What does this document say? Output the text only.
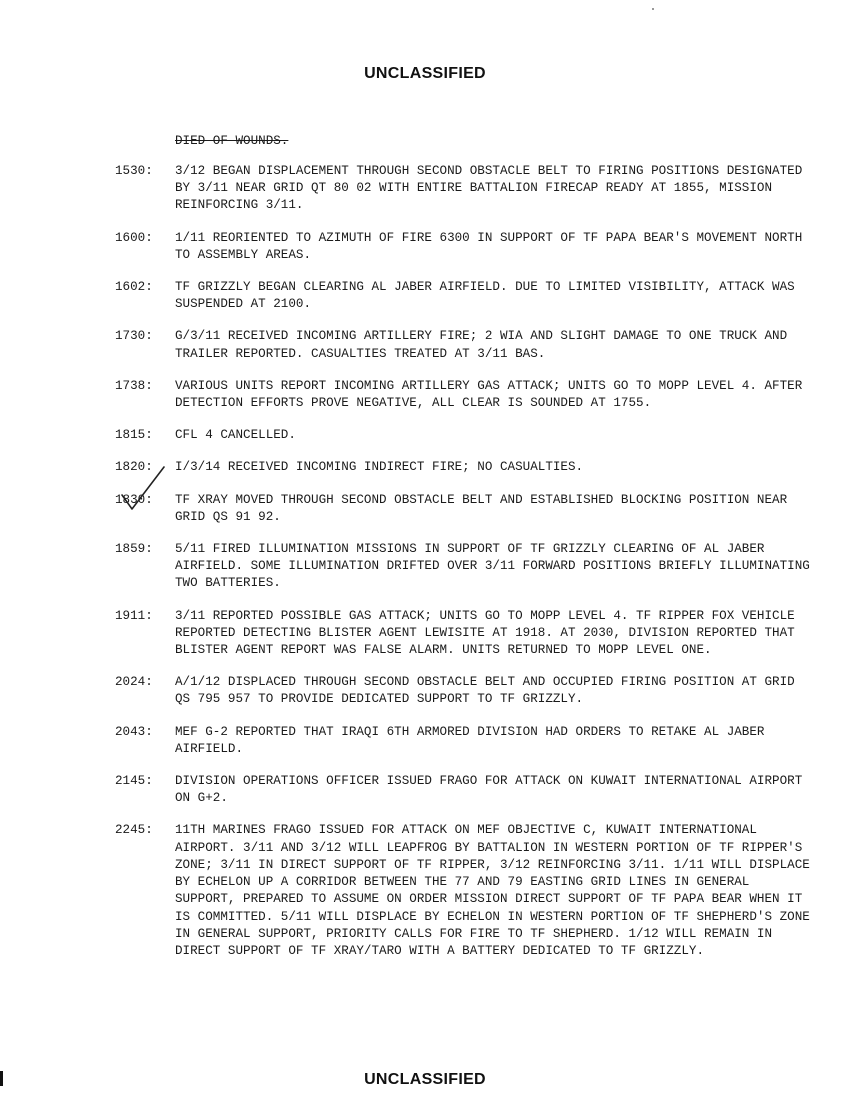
UNCLASSIFIED
DIED OF WOUNDS.
1530:	3/12 BEGAN DISPLACEMENT THROUGH SECOND OBSTACLE BELT TO FIRING POSITIONS DESIGNATED BY 3/11 NEAR GRID QT 80 02 WITH ENTIRE BATTALION FIRECAP READY AT 1855, MISSION REINFORCING 3/11.
1600:	1/11 REORIENTED TO AZIMUTH OF FIRE 6300 IN SUPPORT OF TF PAPA BEAR'S MOVEMENT NORTH TO ASSEMBLY AREAS.
1602:	TF GRIZZLY BEGAN CLEARING AL JABER AIRFIELD. DUE TO LIMITED VISIBILITY, ATTACK WAS SUSPENDED AT 2100.
1730:	G/3/11 RECEIVED INCOMING ARTILLERY FIRE; 2 WIA AND SLIGHT DAMAGE TO ONE TRUCK AND TRAILER REPORTED. CASUALTIES TREATED AT 3/11 BAS.
1738:	VARIOUS UNITS REPORT INCOMING ARTILLERY GAS ATTACK; UNITS GO TO MOPP LEVEL 4. AFTER DETECTION EFFORTS PROVE NEGATIVE, ALL CLEAR IS SOUNDED AT 1755.
1815:	CFL 4 CANCELLED.
1820:	I/3/14 RECEIVED INCOMING INDIRECT FIRE; NO CASUALTIES.
1830:	TF XRAY MOVED THROUGH SECOND OBSTACLE BELT AND ESTABLISHED BLOCKING POSITION NEAR GRID QS 91 92.
1859:	5/11 FIRED ILLUMINATION MISSIONS IN SUPPORT OF TF GRIZZLY CLEARING OF AL JABER AIRFIELD. SOME ILLUMINATION DRIFTED OVER 3/11 FORWARD POSITIONS BRIEFLY ILLUMINATING TWO BATTERIES.
1911:	3/11 REPORTED POSSIBLE GAS ATTACK; UNITS GO TO MOPP LEVEL 4. TF RIPPER FOX VEHICLE REPORTED DETECTING BLISTER AGENT LEWISITE AT 1918. AT 2030, DIVISION REPORTED THAT BLISTER AGENT REPORT WAS FALSE ALARM. UNITS RETURNED TO MOPP LEVEL ONE.
2024:	A/1/12 DISPLACED THROUGH SECOND OBSTACLE BELT AND OCCUPIED FIRING POSITION AT GRID QS 795 957 TO PROVIDE DEDICATED SUPPORT TO TF GRIZZLY.
2043:	MEF G-2 REPORTED THAT IRAQI 6TH ARMORED DIVISION HAD ORDERS TO RETAKE AL JABER AIRFIELD.
2145:	DIVISION OPERATIONS OFFICER ISSUED FRAGO FOR ATTACK ON KUWAIT INTERNATIONAL AIRPORT ON G+2.
2245:	11TH MARINES FRAGO ISSUED FOR ATTACK ON MEF OBJECTIVE C, KUWAIT INTERNATIONAL AIRPORT. 3/11 AND 3/12 WILL LEAPFROG BY BATTALION IN WESTERN PORTION OF TF RIPPER'S ZONE; 3/11 IN DIRECT SUPPORT OF TF RIPPER, 3/12 REINFORCING 3/11. 1/11 WILL DISPLACE BY ECHELON UP A CORRIDOR BETWEEN THE 77 AND 79 EASTING GRID LINES IN GENERAL SUPPORT, PREPARED TO ASSUME ON ORDER MISSION DIRECT SUPPORT OF TF PAPA BEAR WHEN IT IS COMMITTED. 5/11 WILL DISPLACE BY ECHELON IN WESTERN PORTION OF TF SHEPHERD'S ZONE IN GENERAL SUPPORT, PRIORITY CALLS FOR FIRE TO TF SHEPHERD. 1/12 WILL REMAIN IN DIRECT SUPPORT OF TF XRAY/TARO WITH A BATTERY DEDICATED TO TF GRIZZLY.
UNCLASSIFIED
